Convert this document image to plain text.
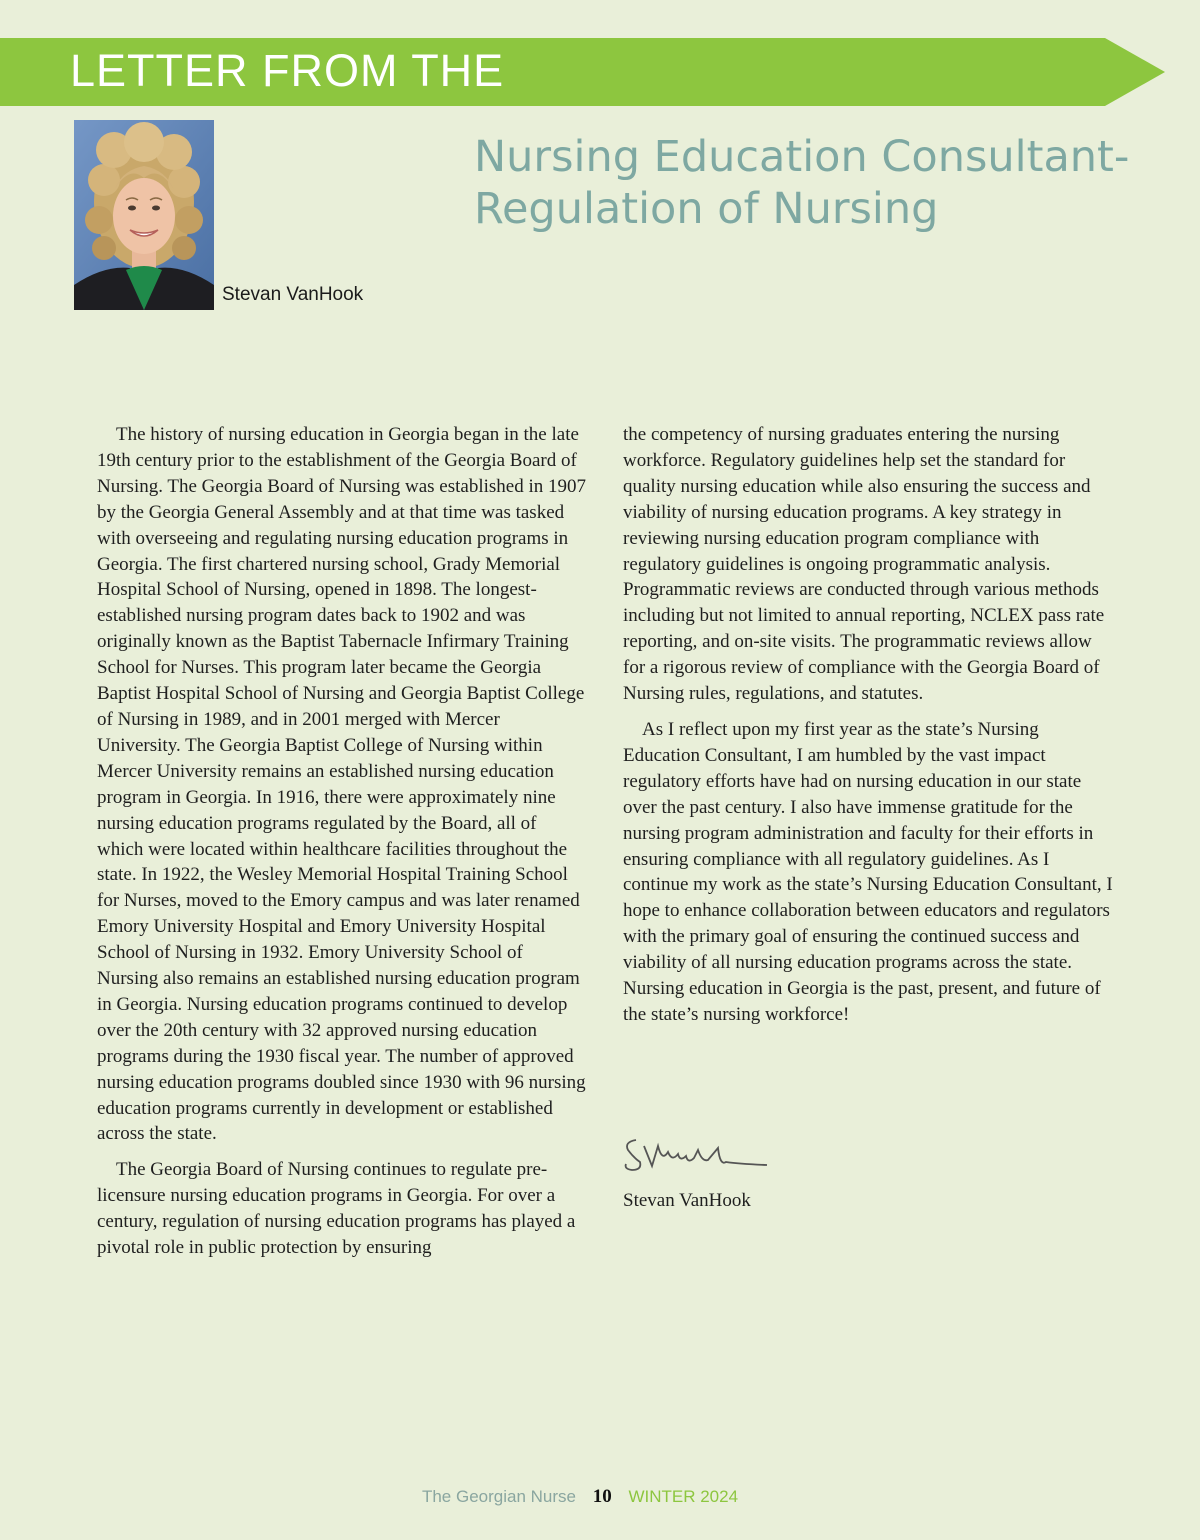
LETTER FROM THE
Stevan VanHook
Nursing Education Consultant-
Regulation of Nursing

The history of nursing education in Georgia began in the late 19th century prior to the establishment of the Georgia Board of Nursing. The Georgia Board of Nursing was established in 1907 by the Georgia General Assembly and at that time was tasked with overseeing and regulating nursing education programs in Georgia. The first chartered nursing school, Grady Memorial Hospital School of Nursing, opened in 1898. The longest-established nursing program dates back to 1902 and was originally known as the Baptist Tabernacle Infirmary Training School for Nurses. This program later became the Georgia Baptist Hospital School of Nursing and Georgia Baptist College of Nursing in 1989, and in 2001 merged with Mercer University. The Georgia Baptist College of Nursing within Mercer University remains an established nursing education program in Georgia. In 1916, there were approximately nine nursing education programs regulated by the Board, all of which were located within healthcare facilities throughout the state. In 1922, the Wesley Memorial Hospital Training School for Nurses, moved to the Emory campus and was later renamed Emory University Hospital and Emory University Hospital School of Nursing in 1932. Emory University School of Nursing also remains an established nursing education program in Georgia. Nursing education programs continued to develop over the 20th century with 32 approved nursing education programs during the 1930 fiscal year. The number of approved nursing education programs doubled since 1930 with 96 nursing education programs currently in development or established across the state.

The Georgia Board of Nursing continues to regulate pre-licensure nursing education programs in Georgia. For over a century, regulation of nursing education programs has played a pivotal role in public protection by ensuring

the competency of nursing graduates entering the nursing workforce. Regulatory guidelines help set the standard for quality nursing education while also ensuring the success and viability of nursing education programs. A key strategy in reviewing nursing education program compliance with regulatory guidelines is ongoing programmatic analysis. Programmatic reviews are conducted through various methods including but not limited to annual reporting, NCLEX pass rate reporting, and on-site visits. The programmatic reviews allow for a rigorous review of compliance with the Georgia Board of Nursing rules, regulations, and statutes.

As I reflect upon my first year as the state’s Nursing Education Consultant, I am humbled by the vast impact regulatory efforts have had on nursing education in our state over the past century. I also have immense gratitude for the nursing program administration and faculty for their efforts in ensuring compliance with all regulatory guidelines. As I continue my work as the state’s Nursing Education Consultant, I hope to enhance collaboration between educators and regulators with the primary goal of ensuring the continued success and viability of all nursing education programs across the state. Nursing education in Georgia is the past, present, and future of the state’s nursing workforce!

Stevan VanHook
The Georgian Nurse 10 WINTER 2024
